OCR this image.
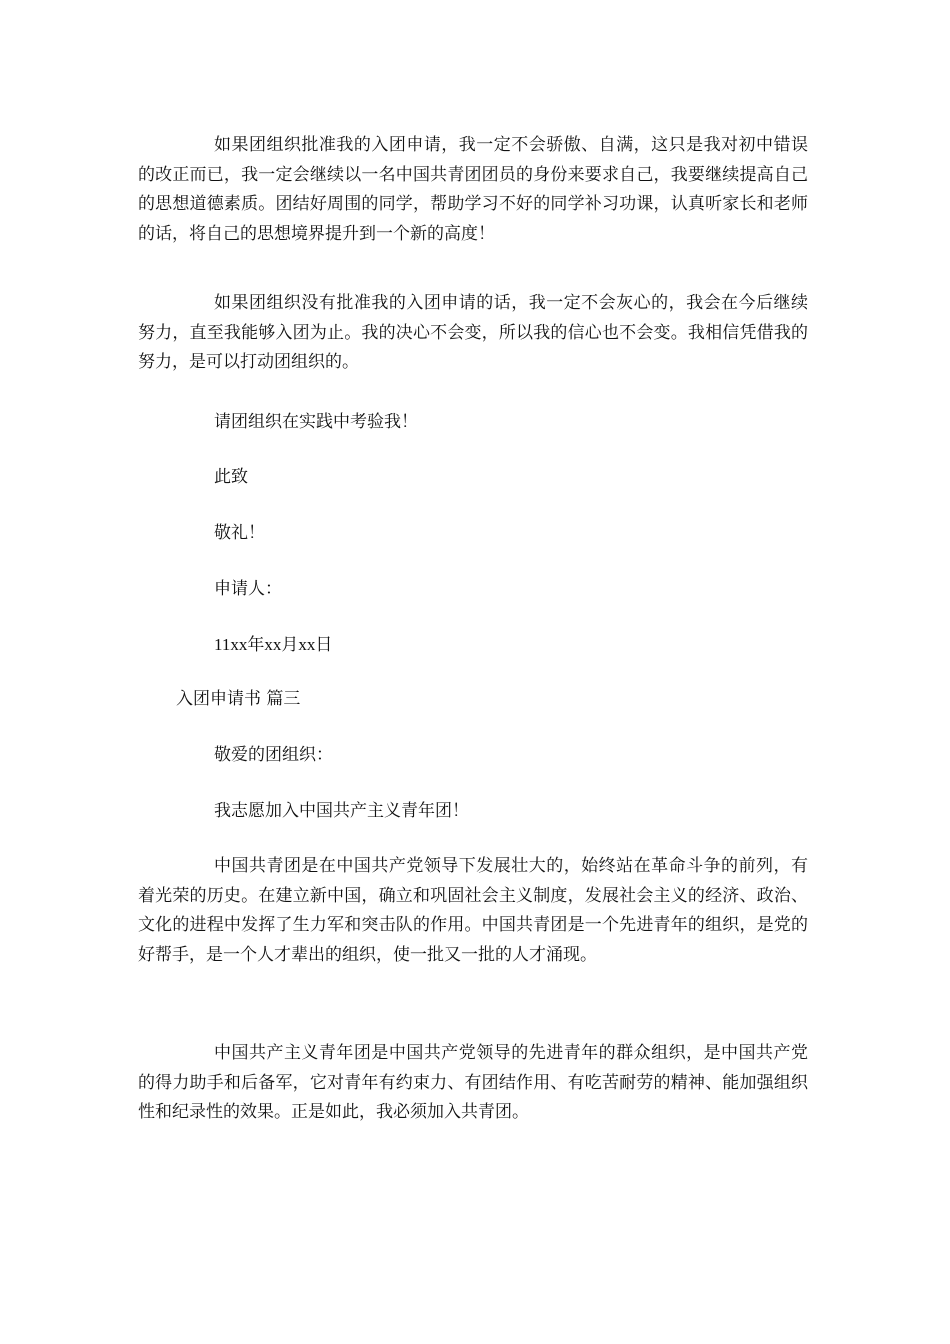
如果团组织批准我的入团申请，我一定不会骄傲、自满，这只是我对初中错误的改正而已，我一定会继续以一名中国共青团团员的身份来要求自己，我要继续提高自己的思想道德素质。团结好周围的同学，帮助学习不好的同学补习功课，认真听家长和老师的话，将自己的思想境界提升到一个新的高度！

如果团组织没有批准我的入团申请的话，我一定不会灰心的，我会在今后继续努力，直至我能够入团为止。我的决心不会变，所以我的信心也不会变。我相信凭借我的努力，是可以打动团组织的。

请团组织在实践中考验我！
此致
敬礼！
申请人：
11xx年xx月xx日
入团申请书 篇三
敬爱的团组织：
我志愿加入中国共产主义青年团！

中国共青团是在中国共产党领导下发展壮大的，始终站在革命斗争的前列，有着光荣的历史。在建立新中国，确立和巩固社会主义制度，发展社会主义的经济、政治、文化的进程中发挥了生力军和突击队的作用。中国共青团是一个先进青年的组织，是党的好帮手，是一个人才辈出的组织，使一批又一批的人才涌现。

中国共产主义青年团是中国共产党领导的先进青年的群众组织，是中国共产党的得力助手和后备军，它对青年有约束力、有团结作用、有吃苦耐劳的精神、能加强组织性和纪录性的效果。正是如此，我必须加入共青团。
